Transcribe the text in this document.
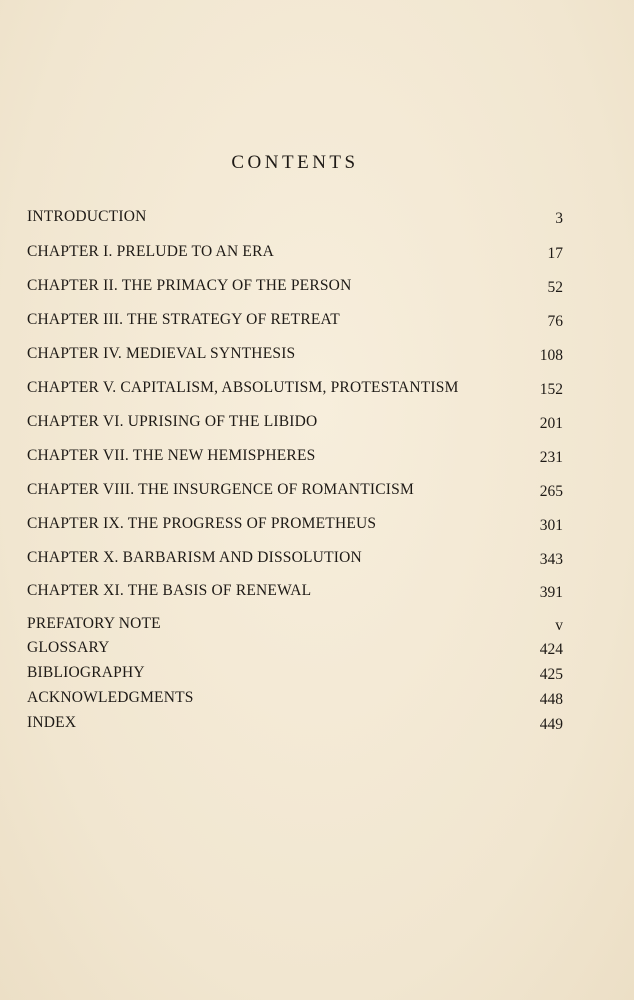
CONTENTS
INTRODUCTION	3
CHAPTER I. PRELUDE TO AN ERA	17
CHAPTER II. THE PRIMACY OF THE PERSON	52
CHAPTER III. THE STRATEGY OF RETREAT	76
CHAPTER IV. MEDIEVAL SYNTHESIS	108
CHAPTER V. CAPITALISM, ABSOLUTISM, PROTESTANTISM	152
CHAPTER VI. UPRISING OF THE LIBIDO	201
CHAPTER VII. THE NEW HEMISPHERES	231
CHAPTER VIII. THE INSURGENCE OF ROMANTICISM	265
CHAPTER IX. THE PROGRESS OF PROMETHEUS	301
CHAPTER X. BARBARISM AND DISSOLUTION	343
CHAPTER XI. THE BASIS OF RENEWAL	391
PREFATORY NOTE	v
GLOSSARY	424
BIBLIOGRAPHY	425
ACKNOWLEDGMENTS	448
INDEX	449
